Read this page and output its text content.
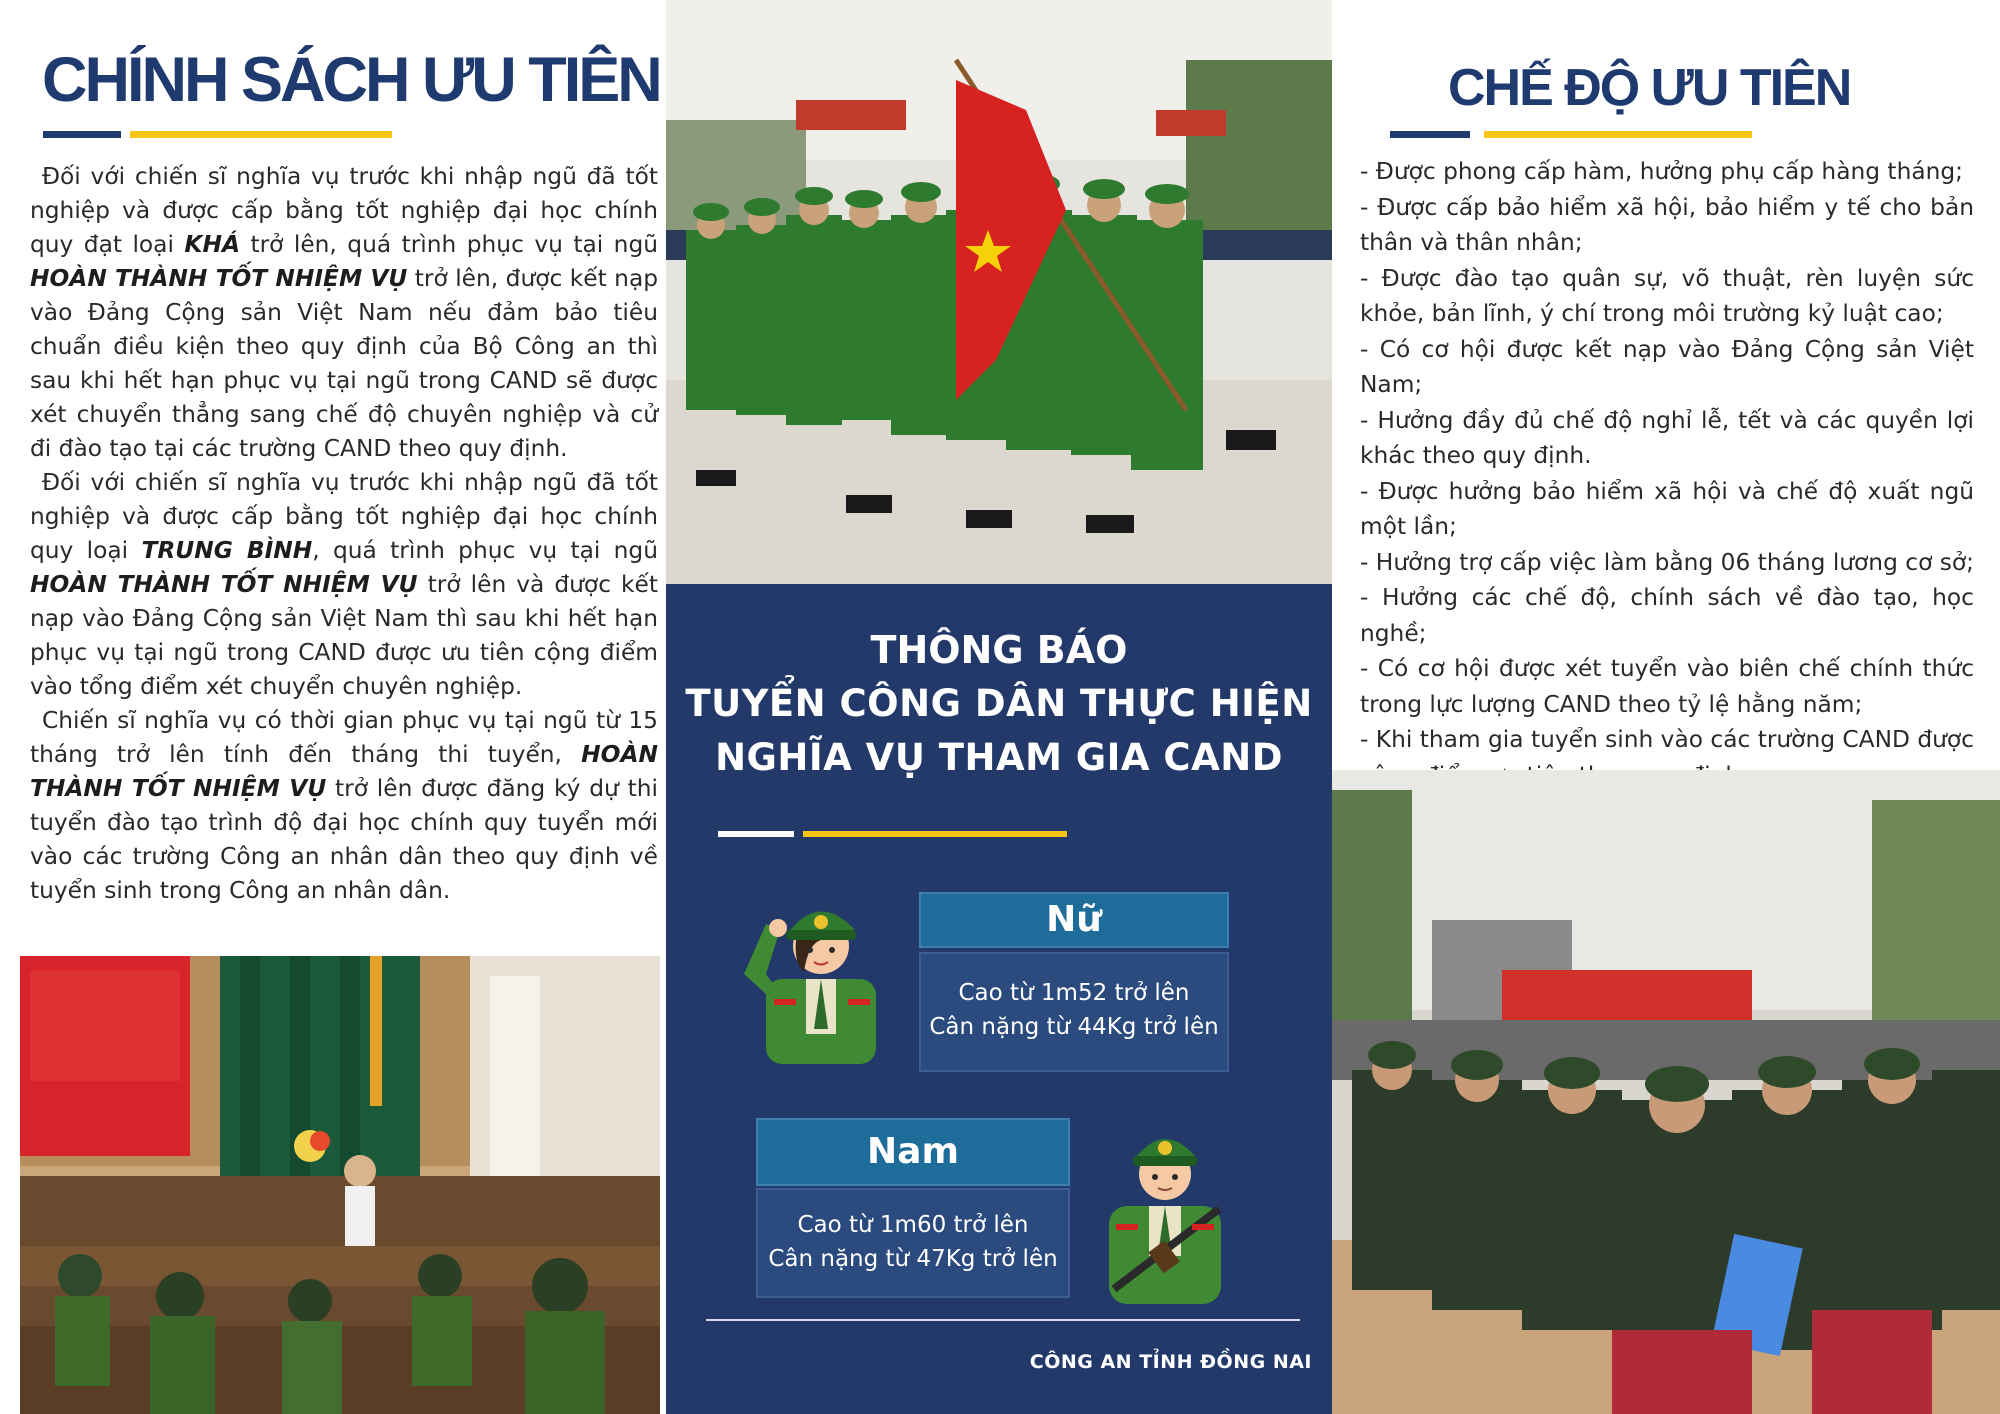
CHÍNH SÁCH ƯU TIÊN

Đối với chiến sĩ nghĩa vụ trước khi nhập ngũ đã tốt nghiệp và được cấp bằng tốt nghiệp đại học chính quy đạt loại KHÁ trở lên, quá trình phục vụ tại ngũ HOÀN THÀNH TỐT NHIỆM VỤ trở lên, được kết nạp vào Đảng Cộng sản Việt Nam nếu đảm bảo tiêu chuẩn điều kiện theo quy định của Bộ Công an thì sau khi hết hạn phục vụ tại ngũ trong CAND sẽ được xét chuyển thẳng sang chế độ chuyên nghiệp và cử đi đào tạo tại các trường CAND theo quy định.

Đối với chiến sĩ nghĩa vụ trước khi nhập ngũ đã tốt nghiệp và được cấp bằng tốt nghiệp đại học chính quy loại TRUNG BÌNH, quá trình phục vụ tại ngũ HOÀN THÀNH TỐT NHIỆM VỤ trở lên và được kết nạp vào Đảng Cộng sản Việt Nam thì sau khi hết hạn phục vụ tại ngũ trong CAND được ưu tiên cộng điểm vào tổng điểm xét chuyển chuyên nghiệp.

Chiến sĩ nghĩa vụ có thời gian phục vụ tại ngũ từ 15 tháng trở lên tính đến tháng thi tuyển, HOÀN THÀNH TỐT NHIỆM VỤ trở lên được đăng ký dự thi tuyển đào tạo trình độ đại học chính quy tuyển mới vào các trường Công an nhân dân theo quy định về tuyển sinh trong Công an nhân dân.

THÔNG BÁO
TUYỂN CÔNG DÂN THỰC HIỆN
NGHĨA VỤ THAM GIA CAND
Nữ
Cao từ 1m52 trở lên
Cân nặng từ 44Kg trở lên
Nam
Cao từ 1m60 trở lên
Cân nặng từ 47Kg trở lên
CÔNG AN TỈNH ĐỒNG NAI
CHẾ ĐỘ ƯU TIÊN
- Được phong cấp hàm, hưởng phụ cấp hàng tháng;
- Được cấp bảo hiểm xã hội, bảo hiểm y tế cho bản thân và thân nhân;
- Được đào tạo quân sự, võ thuật, rèn luyện sức khỏe, bản lĩnh, ý chí trong môi trường kỷ luật cao;
- Có cơ hội được kết nạp vào Đảng Cộng sản Việt Nam;
- Hưởng đầy đủ chế độ nghỉ lễ, tết và các quyền lợi khác theo quy định.
- Được hưởng bảo hiểm xã hội và chế độ xuất ngũ một lần;
- Hưởng trợ cấp việc làm bằng 06 tháng lương cơ sở;
- Hưởng các chế độ, chính sách về đào tạo, học nghề;
- Có cơ hội được xét tuyển vào biên chế chính thức trong lực lượng CAND theo tỷ lệ hằng năm;
- Khi tham gia tuyển sinh vào các trường CAND được
